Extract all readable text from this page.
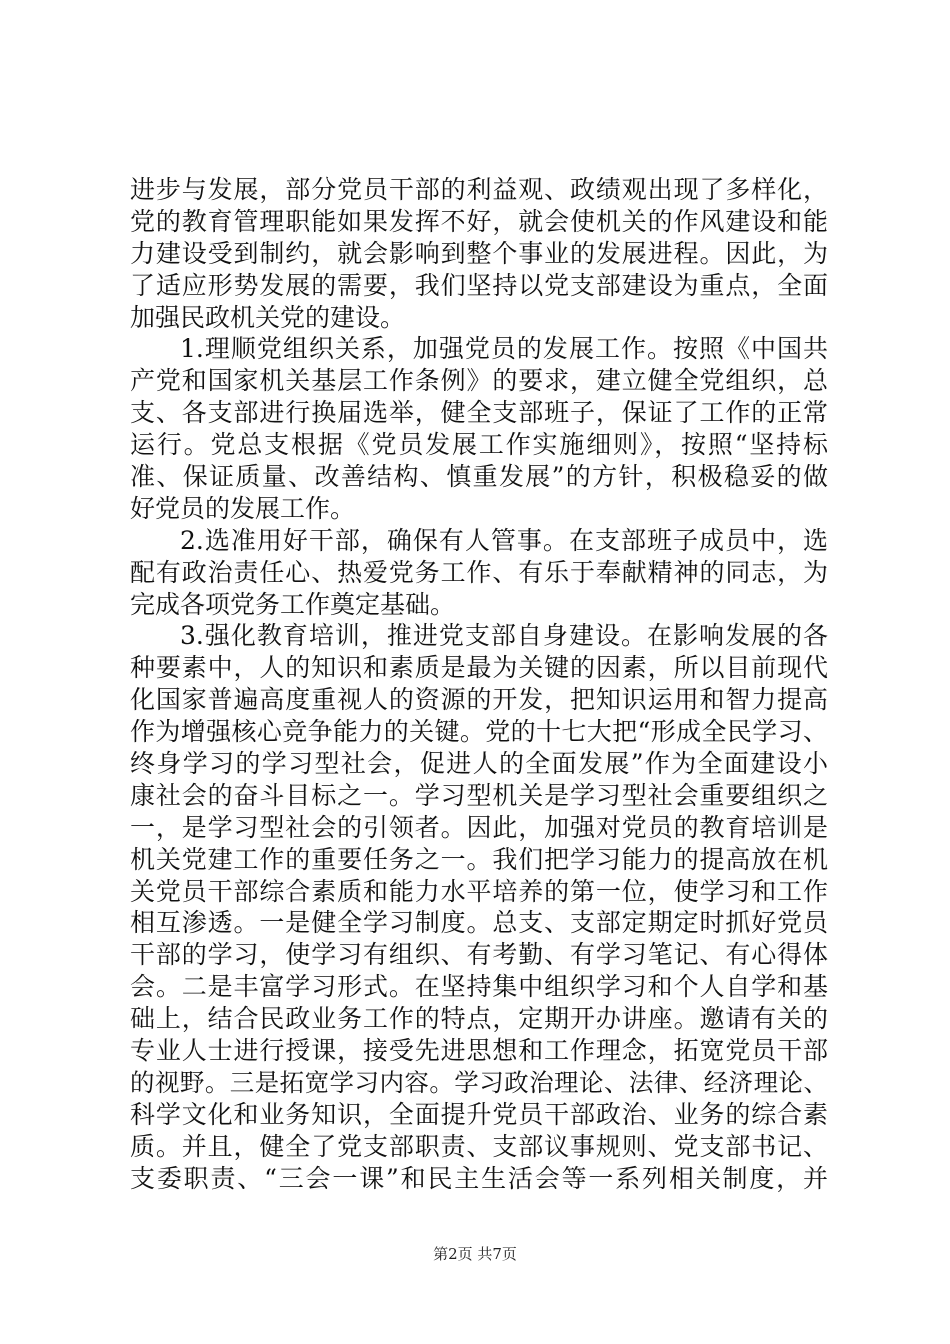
进步与发展，部分党员干部的利益观、政绩观出现了多样化，
党的教育管理职能如果发挥不好，就会使机关的作风建设和能
力建设受到制约，就会影响到整个事业的发展进程。因此，为
了适应形势发展的需要，我们坚持以党支部建设为重点，全面
加强民政机关党的建设。
1.理顺党组织关系，加强党员的发展工作。按照《中国共
产党和国家机关基层工作条例》的要求，建立健全党组织，总
支、各支部进行换届选举，健全支部班子，保证了工作的正常
运行。党总支根据《党员发展工作实施细则》，按照“坚持标
准、保证质量、改善结构、慎重发展”的方针，积极稳妥的做
好党员的发展工作。
2.选准用好干部，确保有人管事。在支部班子成员中，选
配有政治责任心、热爱党务工作、有乐于奉献精神的同志，为
完成各项党务工作奠定基础。
3.强化教育培训，推进党支部自身建设。在影响发展的各
种要素中，人的知识和素质是最为关键的因素，所以目前现代
化国家普遍高度重视人的资源的开发，把知识运用和智力提高
作为增强核心竞争能力的关键。党的十七大把“形成全民学习、
终身学习的学习型社会，促进人的全面发展”作为全面建设小
康社会的奋斗目标之一。学习型机关是学习型社会重要组织之
一，是学习型社会的引领者。因此，加强对党员的教育培训是
机关党建工作的重要任务之一。我们把学习能力的提高放在机
关党员干部综合素质和能力水平培养的第一位，使学习和工作
相互渗透。一是健全学习制度。总支、支部定期定时抓好党员
干部的学习，使学习有组织、有考勤、有学习笔记、有心得体
会。二是丰富学习形式。在坚持集中组织学习和个人自学和基
础上，结合民政业务工作的特点，定期开办讲座。邀请有关的
专业人士进行授课，接受先进思想和工作理念，拓宽党员干部
的视野。三是拓宽学习内容。学习政治理论、法律、经济理论、
科学文化和业务知识，全面提升党员干部政治、业务的综合素
质。并且，健全了党支部职责、支部议事规则、党支部书记、
支委职责、“三会一课”和民主生活会等一系列相关制度，并
第2页 共7页
